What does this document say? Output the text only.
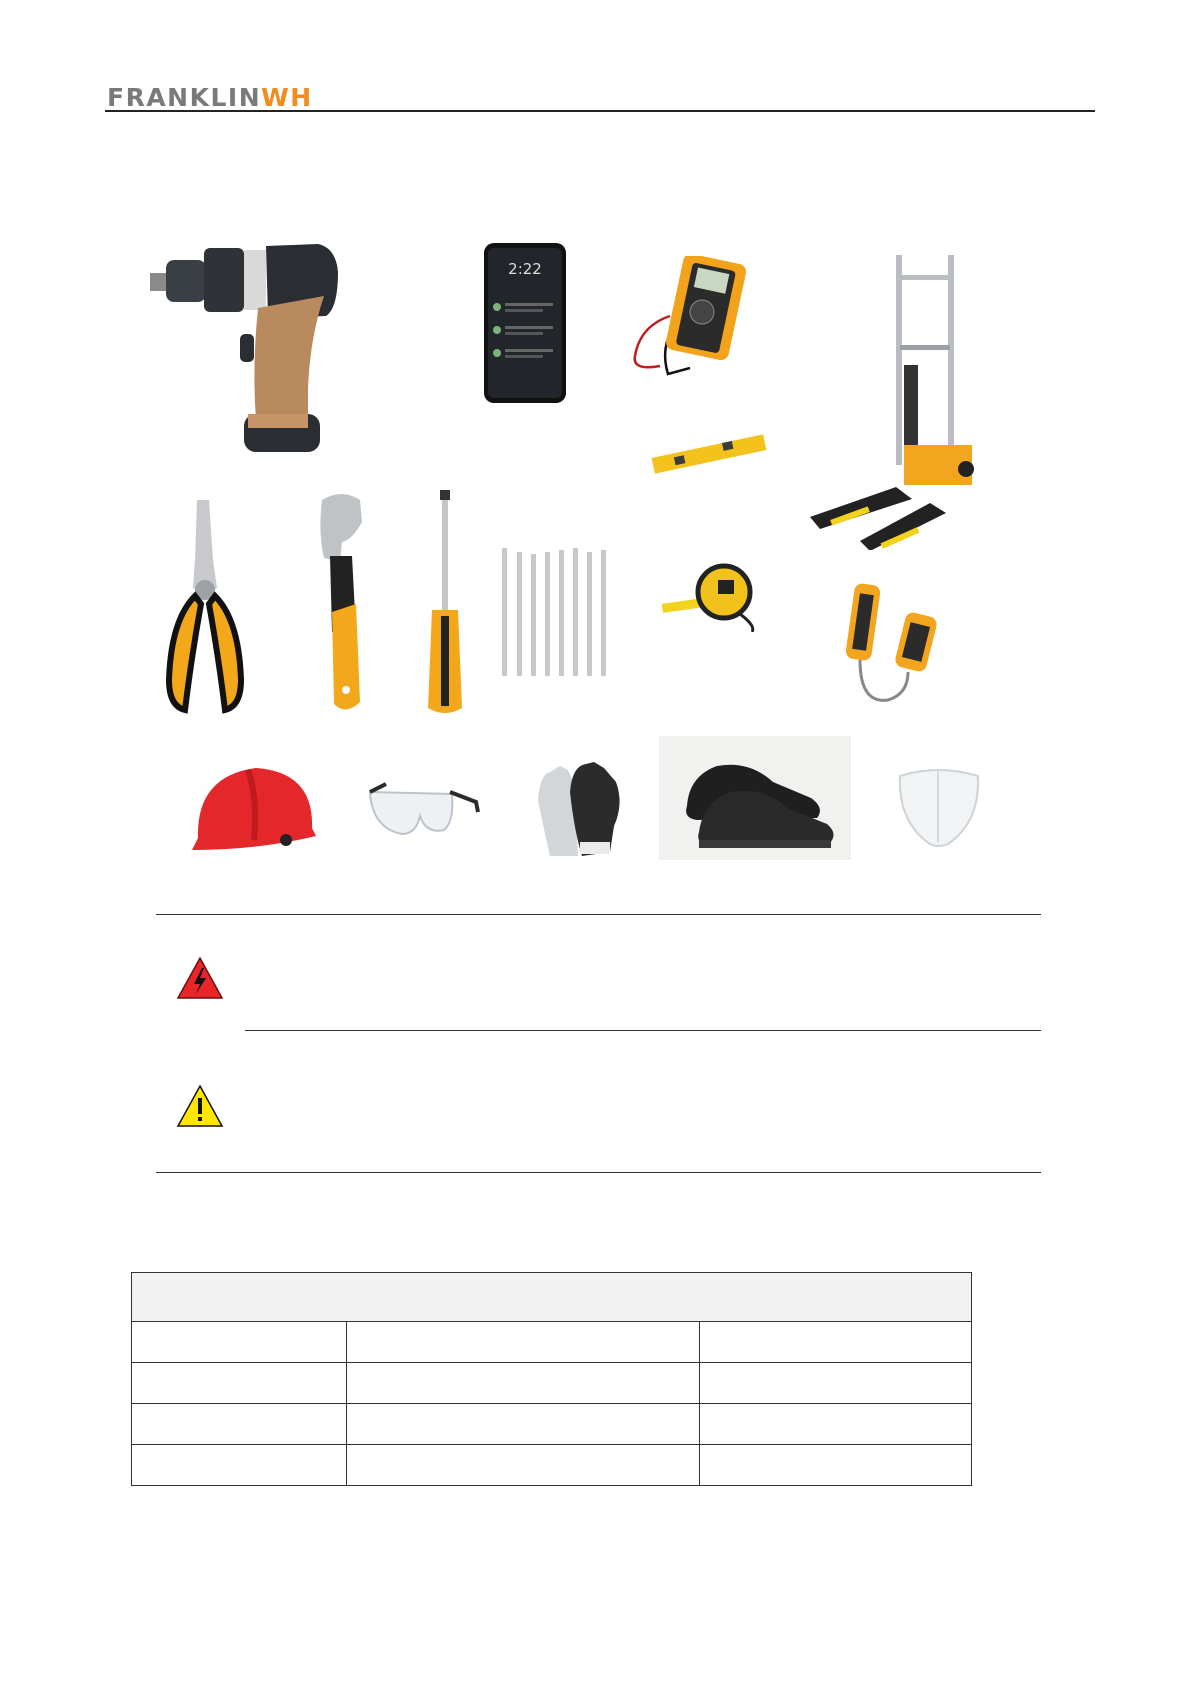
FRANKLINWH
2:22
